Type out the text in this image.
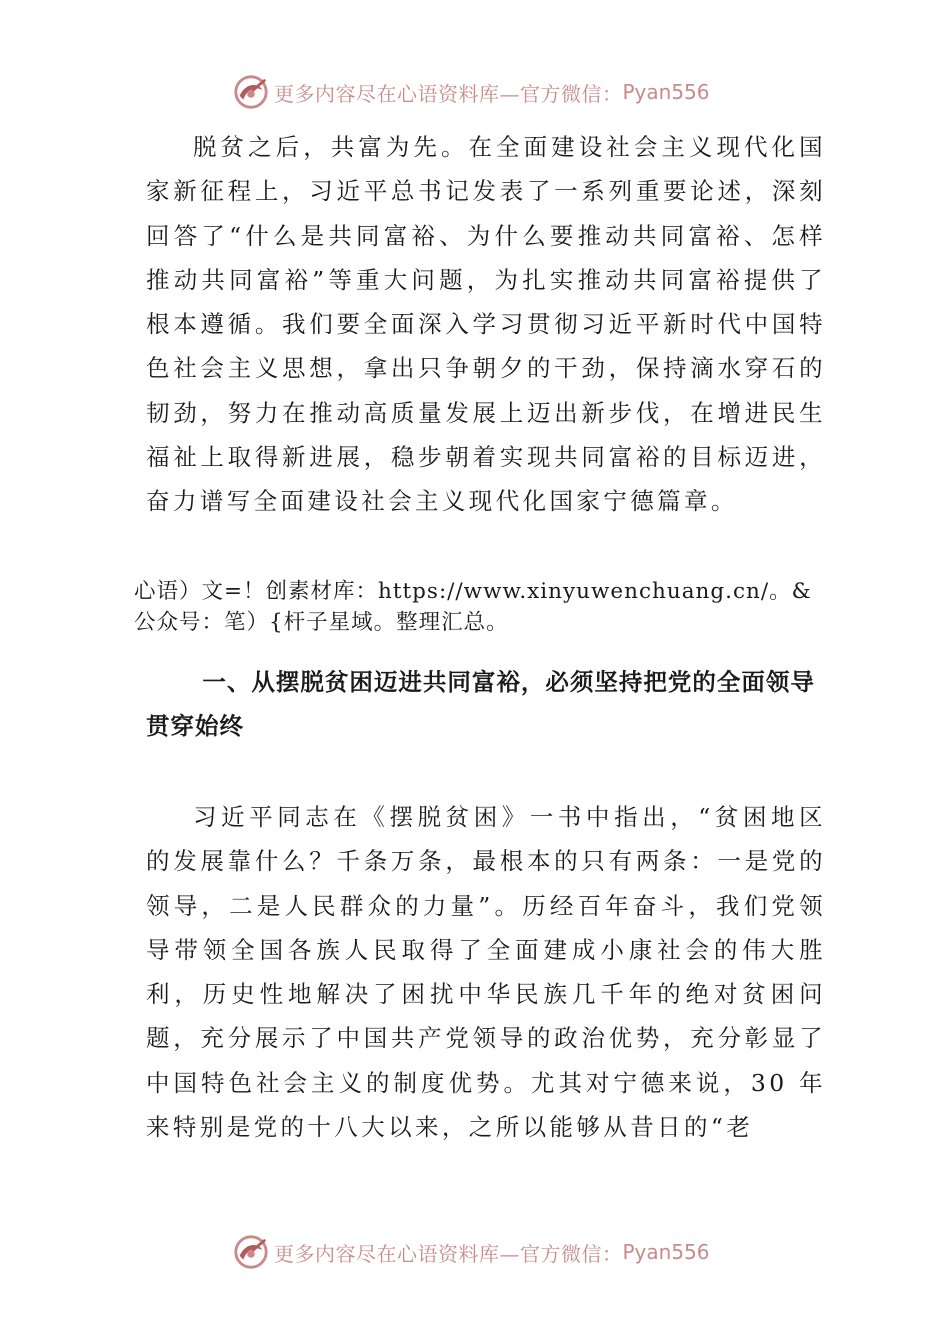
更多内容尽在心语资料库—官方微信： Pyan556

脱贫之后，共富为先。在全面建设社会主义现代化国家新征程上，习近平总书记发表了一系列重要论述，深刻回答了“什么是共同富裕、为什么要推动共同富裕、怎样推动共同富裕”等重大问题，为扎实推动共同富裕提供了根本遵循。我们要全面深入学习贯彻习近平新时代中国特色社会主义思想，拿出只争朝夕的干劲，保持滴水穿石的韧劲，努力在推动高质量发展上迈出新步伐，在增进民生福祉上取得新进展，稳步朝着实现共同富裕的目标迈进，奋力谱写全面建设社会主义现代化国家宁德篇章。

心语）文=！创素材库：https://www.xinyuwenchuang.cn/。&公众号：笔）{杆子星域。整理汇总。

一、从摆脱贫困迈进共同富裕，必须坚持把党的全面领导贯穿始终

习近平同志在《摆脱贫困》一书中指出，“贫困地区的发展靠什么？千条万条，最根本的只有两条：一是党的领导，二是人民群众的力量”。历经百年奋斗，我们党领导带领全国各族人民取得了全面建成小康社会的伟大胜利，历史性地解决了困扰中华民族几千年的绝对贫困问题，充分展示了中国共产党领导的政治优势，充分彰显了中国特色社会主义的制度优势。尤其对宁德来说，30 年来特别是党的十八大以来，之所以能够从昔日的“老

更多内容尽在心语资料库—官方微信： Pyan556
